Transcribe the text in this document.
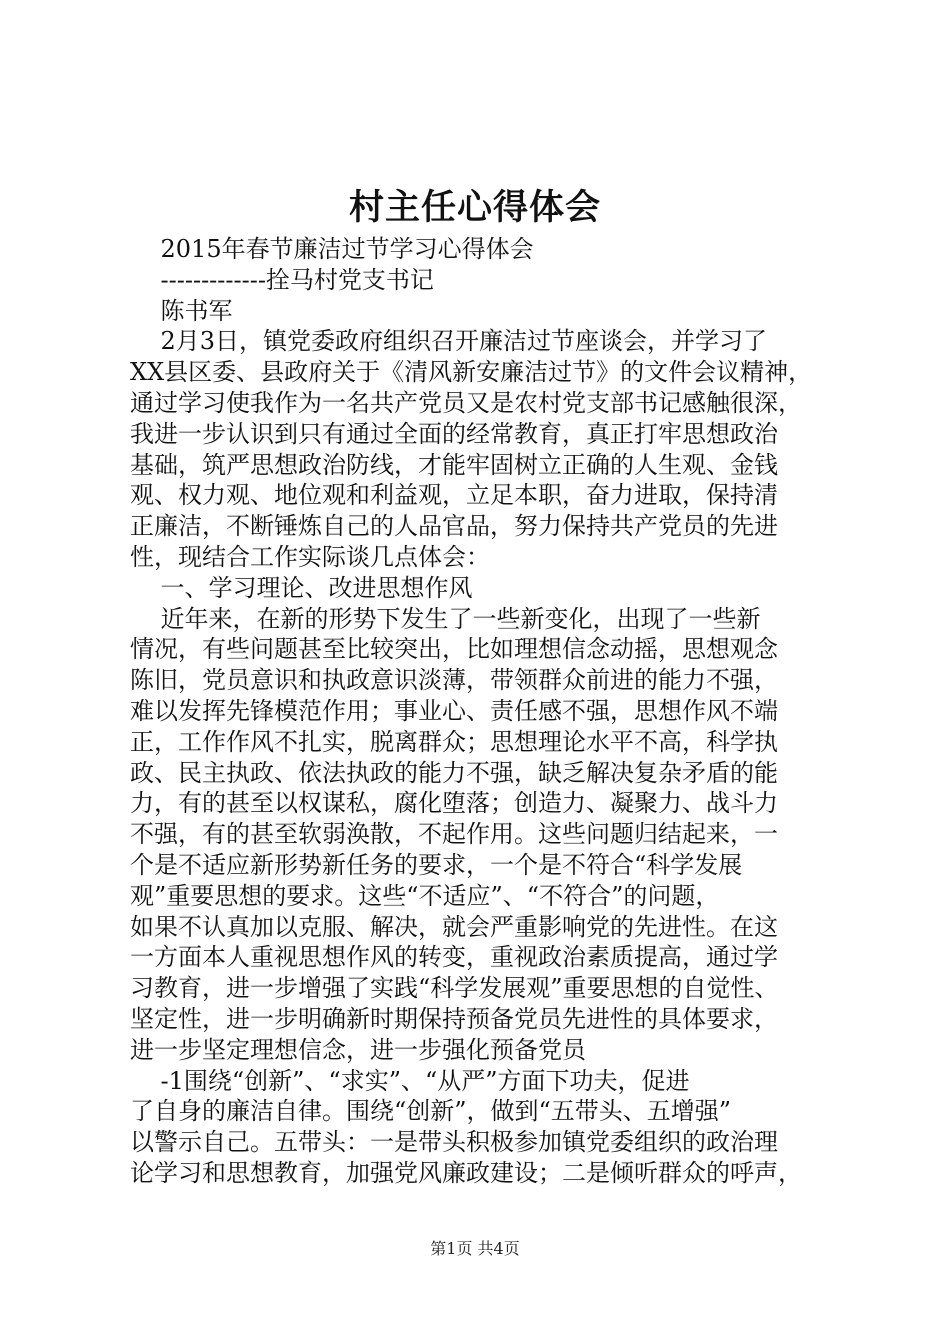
村主任心得体会
2015年春节廉洁过节学习心得体会
-------------拴马村党支书记
陈书军
2月3日，镇党委政府组织召开廉洁过节座谈会，并学习了
XX县区委、县政府关于《清风新安廉洁过节》的文件会议精神，
通过学习使我作为一名共产党员又是农村党支部书记感触很深，
我进一步认识到只有通过全面的经常教育，真正打牢思想政治
基础，筑严思想政治防线，才能牢固树立正确的人生观、金钱
观、权力观、地位观和利益观，立足本职，奋力进取，保持清
正廉洁，不断锤炼自己的人品官品，努力保持共产党员的先进
性，现结合工作实际谈几点体会：
一、学习理论、改进思想作风
近年来，在新的形势下发生了一些新变化，出现了一些新
情况，有些问题甚至比较突出，比如理想信念动摇，思想观念
陈旧，党员意识和执政意识淡薄，带领群众前进的能力不强，
难以发挥先锋模范作用；事业心、责任感不强，思想作风不端
正，工作作风不扎实，脱离群众；思想理论水平不高，科学执
政、民主执政、依法执政的能力不强，缺乏解决复杂矛盾的能
力，有的甚至以权谋私，腐化堕落；创造力、凝聚力、战斗力
不强，有的甚至软弱涣散，不起作用。这些问题归结起来，一
个是不适应新形势新任务的要求，一个是不符合“科学发展
观”重要思想的要求。这些“不适应”、“不符合”的问题，
如果不认真加以克服、解决，就会严重影响党的先进性。在这
一方面本人重视思想作风的转变，重视政治素质提高，通过学
习教育，进一步增强了实践“科学发展观”重要思想的自觉性、
坚定性，进一步明确新时期保持预备党员先进性的具体要求，
进一步坚定理想信念，进一步强化预备党员
-1围绕“创新”、“求实”、“从严”方面下功夫，促进
了自身的廉洁自律。围绕“创新”，做到“五带头、五增强”
以警示自己。五带头：一是带头积极参加镇党委组织的政治理
论学习和思想教育，加强党风廉政建设；二是倾听群众的呼声，
第1页 共4页
